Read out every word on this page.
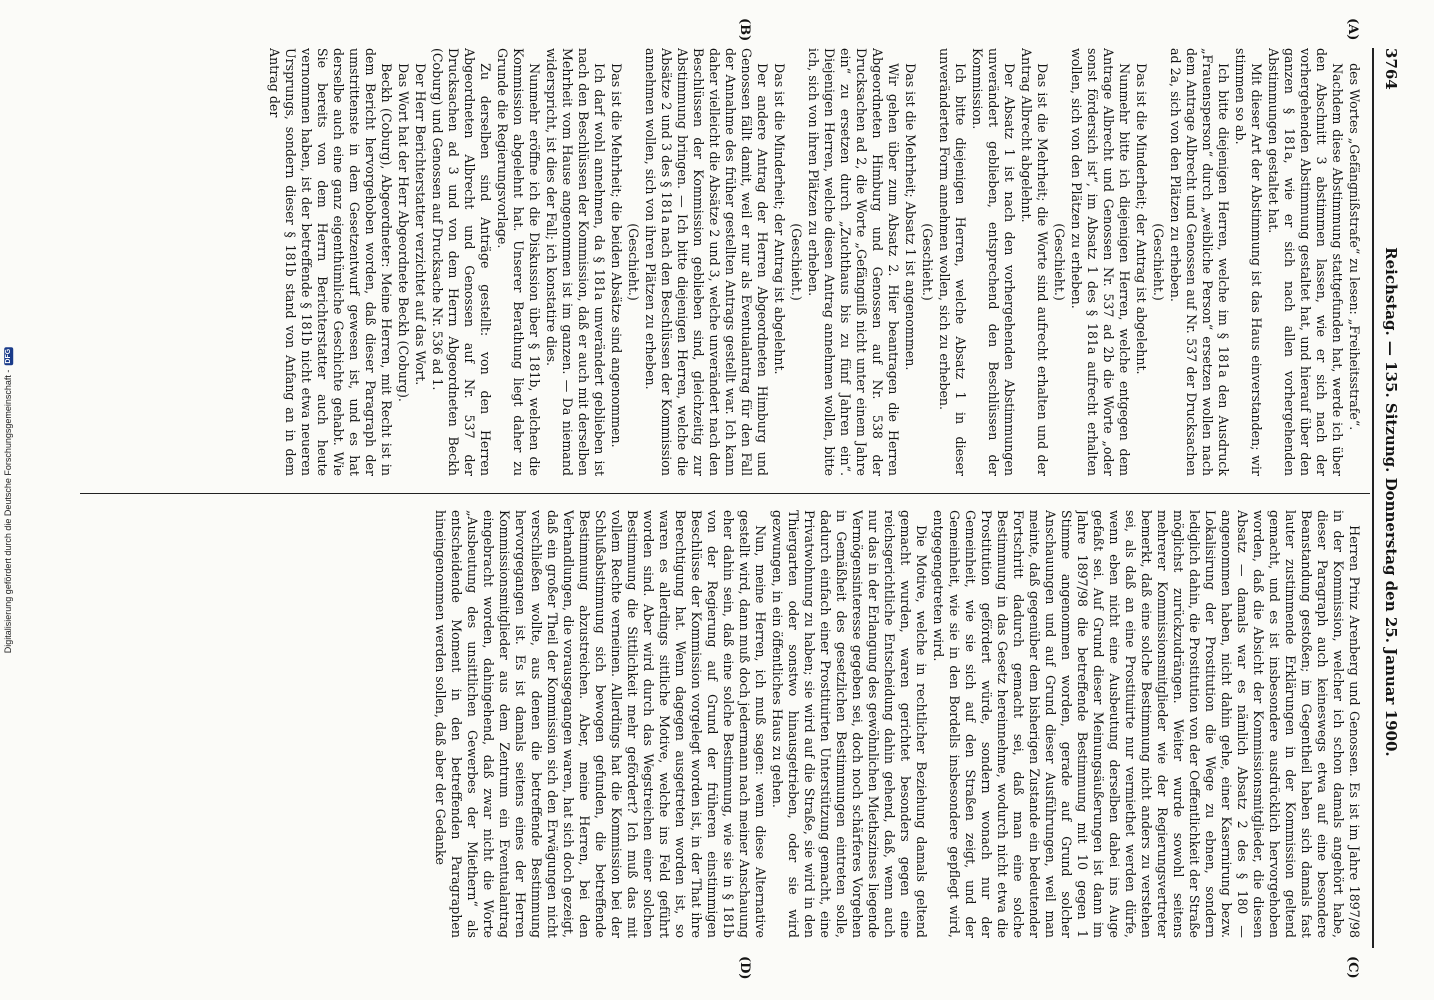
3764
Reichstag. — 135. Sitzung. Donnerstag den 25. Januar 1900.
(A)
(B)
(C)
(D)

des Wortes „Gefängnißstrafe“ zu lesen: „Freiheitsstrafe“.

Nachdem diese Abstimmung stattgefunden hat, werde ich über den Abschnitt 3 abstimmen lassen, wie er sich nach der vorhergehenden Abstimmung gestaltet hat, und hierauf über den ganzen § 181a, wie er sich nach allen vorhergehenden Abstimmungen gestaltet hat.

Mit dieser Art der Abstimmung ist das Haus einverstanden; wir stimmen so ab.

Ich bitte diejenigen Herren, welche im § 181a den Ausdruck „Frauensperson“ durch „weibliche Person“ ersetzen wollen nach dem Antrage Albrecht und Genossen auf Nr. 537 der Drucksachen ad 2a, sich von den Plätzen zu erheben.

(Geschieht.)

Das ist die Minderheit; der Antrag ist abgelehnt.

Nunmehr bitte ich diejenigen Herren, welche entgegen dem Antrage Albrecht und Genossen Nr. 537 ad 2b die Worte „oder sonst fördersich ist“, im Absatz 1 des § 181a aufrecht erhalten wollen, sich von den Plätzen zu erheben.

(Geschieht.)

Das ist die Mehrheit; die Worte sind aufrecht erhalten und der Antrag Albrecht abgelehnt.

Der Absatz 1 ist nach den vorhergehenden Abstimmungen unverändert geblieben, entsprechend den Beschlüssen der Kommission.

Ich bitte diejenigen Herren, welche Absatz 1 in dieser unveränderten Form annehmen wollen, sich zu erheben.

(Geschieht.)

Das ist die Mehrheit; Absatz 1 ist angenommen.

Wir gehen über zum Absatz 2. Hier beantragen die Herren Abgeordneten Himburg und Genossen auf Nr. 538 der Drucksachen ad 2, die Worte „Gefängniß nicht unter einem Jahre ein“ zu ersetzen durch „Zuchthaus bis zu fünf Jahren ein“. Diejenigen Herren, welche diesen Antrag annehmen wollen, bitte ich, sich von ihren Plätzen zu erheben.

(Geschieht.)

Das ist die Minderheit; der Antrag ist abgelehnt.

Der andere Antrag der Herren Abgeordneten Himburg und Genossen fällt damit, weil er nur als Eventualantrag für den Fall der Annahme des früher gestellten Antrags gestellt war. Ich kann daher vielleicht die Absätze 2 und 3, welche unverändert nach den Beschlüssen der Kommission geblieben sind, gleichzeitig zur Abstimmung bringen. — Ich bitte diejenigen Herren, welche die Absätze 2 und 3 des § 181a nach den Beschlüssen der Kommission annehmen wollen, sich von ihren Plätzen zu erheben.

(Geschieht.)

Das ist die Mehrheit; die beiden Absätze sind angenommen.

Ich darf wohl annehmen, da § 181a unverändert geblieben ist nach den Beschlüssen der Kommission, daß er auch mit derselben Mehrheit vom Hause angenommen ist im ganzen. — Da niemand widerspricht, ist dies der Fall; ich konstatire dies.

Nunmehr eröffne ich die Diskussion über § 181b, welchen die Kommission abgelehnt hat. Unserer Berathung liegt daher zu Grunde die Regierungsvorlage.

Zu derselben sind Anträge gestellt: von den Herren Abgeordneten Albrecht und Genossen auf Nr. 537 der Drucksachen ad 3 und von dem Herrn Abgeordneten Beckh (Coburg) und Genossen auf Drucksache Nr. 536 ad 1.

Der Herr Berichterstatter verzichtet auf das Wort.

Das Wort hat der Herr Abgeordnete Beckh (Coburg).

Beckh (Coburg), Abgeordneter: Meine Herren, mit Recht ist in dem Bericht hervorgehoben worden, daß dieser Paragraph der umstrittenste in dem Gesetzentwurf gewesen ist, und es hat derselbe auch eine ganz eigenthümliche Geschichte gehabt. Wie Sie bereits von dem Herrn Berichterstatter auch heute vernommen haben, ist der betreffende § 181b nicht etwa neueren Ursprungs, sondern dieser § 181b stand von Anfang an in dem Antrag der

Herren Prinz Arenberg und Genossen. Es ist im Jahre 1897/98 in der Kommission, welcher ich schon damals angehört habe, dieser Paragraph auch keineswegs etwa auf eine besondere Beanstandung gestoßen; im Gegentheil haben sich damals fast lauter zustimmende Erklärungen in der Kommission geltend gemacht, und es ist insbesondere ausdrücklich hervorgehoben worden, daß die Absicht der Kommissionsmitglieder, die diesen Absatz — damals war es nämlich Absatz 2 des § 180 — angenommen haben, nicht dahin gehe, einer Kasernirung bezw. Lokalisirung der Prostitution die Wege zu ebnen, sondern lediglich dahin, die Prostitution von der Oeffentlichkeit der Straße möglichst zurückzudrängen. Weiter wurde sowohl seitens mehrerer Kommissionsmitglieder wie der Regierungsvertreter bemerkt, daß eine solche Bestimmung nicht anders zu verstehen sei, als daß an eine Prostituirte nur vermiethet werden dürfe, wenn eben nicht eine Ausbeutung derselben dabei ins Auge gefaßt sei. Auf Grund dieser Meinungsäußerungen ist dann im Jahre 1897/98 die betreffende Bestimmung mit 10 gegen 1 Stimme angenommen worden, gerade auf Grund solcher Anschauungen und auf Grund dieser Ausführungen, weil man meinte, daß gegenüber dem bisherigen Zustande ein bedeutender Fortschritt dadurch gemacht sei, daß man eine solche Bestimmung in das Gesetz hereinnehme, wodurch nicht etwa die Prostitution gefördert würde, sondern wonach nur der Gemeinheit, wie sie sich auf den Straßen zeigt, und der Gemeinheit, wie sie in den Bordells insbesondere gepflegt wird, entgegengetreten wird.

Die Motive, welche in rechtlicher Beziehung damals geltend gemacht wurden, waren gerichtet besonders gegen eine reichsgerichtliche Entscheidung dahin gehend, daß, wenn auch nur das in der Erlangung des gewöhnlichen Miethszinses liegende Vermögensinteresse gegeben sei, doch noch schärferes Vorgehen in Gemäßheit des gesetzlichen Bestimmungen eintreten solle, dadurch einfach einer Prostituirten Unterstützung gemacht, eine Privatwohnung zu haben; sie wird auf die Straße, sie wird in den Thiergarten oder sonstwo hinausgetrieben, oder sie wird gezwungen, in ein öffentliches Haus zu gehen.

Nun, meine Herren, ich muß sagen: wenn diese Alternative gestellt wird, dann muß doch jedermann nach meiner Anschauung eher dahin sein, daß eine solche Bestimmung, wie sie in § 181b von der Regierung auf Grund der früheren einstimmigen Beschlüsse der Kommission vorgelegt worden ist, in der That ihre Berechtigung hat. Wenn dagegen ausgetreten worden ist, so waren es allerdings sittliche Motive, welche ins Feld geführt worden sind. Aber wird durch das Wegstreichen einer solchen Bestimmung die Sittlichkeit mehr gefördert? Ich muß das mit vollem Rechte verneinen. Allerdings hat die Kommission bei der Schlußabstimmung sich bewogen gefunden, die betreffende Bestimmung abzustreichen. Aber, meine Herren, bei den Verhandlungen, die vorausgegangen waren, hat sich doch gezeigt, daß ein großer Theil der Kommission sich den Erwägungen nicht verschließen wollte, aus denen die betreffende Bestimmung hervorgegangen ist. Es ist damals seitens eines der Herren Kommissionsmitglieder aus dem Zentrum ein Eventualantrag eingebracht worden, dahingehend, daß zwar nicht die Worte „Ausbeutung des unsittlichen Gewerbes der Miethern“ als entscheidende Moment in den betreffenden Paragraphen hineingenommen werden sollen, daß aber der Gedanke

Digitalisierung gefördert durch die Deutsche Forschungsgemeinschaft -
DFG
